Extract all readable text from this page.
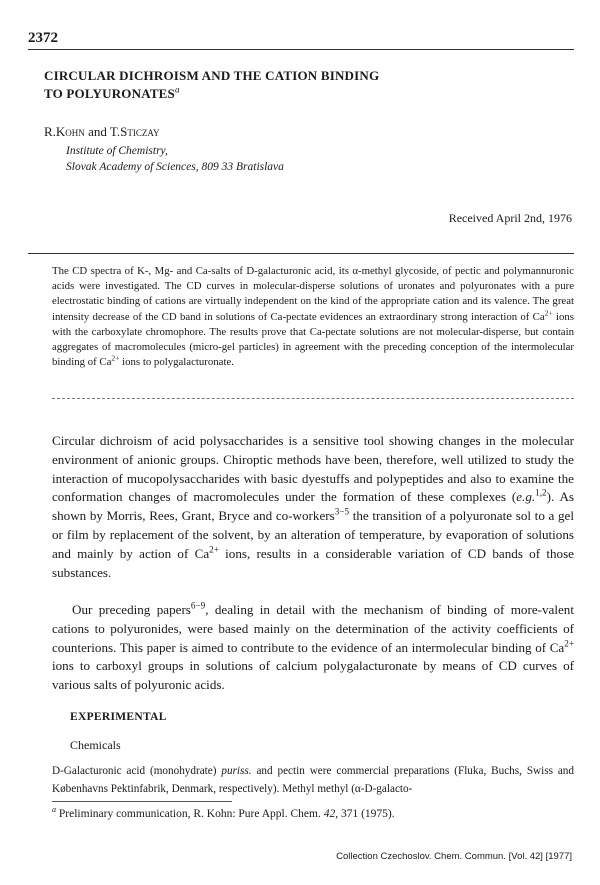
2372
CIRCULAR DICHROISM AND THE CATION BINDING
TO POLYURONATES$^a$
R.Kohn and T.Sticzay
Institute of Chemistry,
Slovak Academy of Sciences, 809 33 Bratislava
Received April 2nd, 1976

The CD spectra of K-, Mg- and Ca-salts of D-galacturonic acid, its α-methyl glycoside, of pectic and polymannuronic acids were investigated. The CD curves in molecular-disperse solutions of uronates and polyuronates with a pure electrostatic binding of cations are virtually independent on the kind of the appropriate cation and its valence. The great intensity decrease of the CD band in solutions of Ca-pectate evidences an extraordinary strong interaction of $Ca^{2+}$ ions with the carboxylate chromophore. The results prove that Ca-pectate solutions are not molecular-disperse, but contain aggregates of macromolecules (micro-gel particles) in agreement with the preceding conception of the intermolecular binding of $Ca^{2+}$ ions to polygalacturonate.

Circular dichroism of acid polysaccharides is a sensitive tool showing changes in the molecular environment of anionic groups. Chiroptic methods have been, therefore, well utilized to study the interaction of mucopolysaccharides with basic dyestuffs and polypeptides and also to examine the conformation changes of macromolecules under the formation of these complexes (e.g.$^{1,2}$). As shown by Morris, Rees, Grant, Bryce and co-workers$^{3-5}$ the transition of a polyuronate sol to a gel or film by replacement of the solvent, by an alteration of temperature, by evaporation of solutions and mainly by action of $Ca^{2+}$ ions, results in a considerable variation of CD bands of those substances.

Our preceding papers$^{6-9}$, dealing in detail with the mechanism of binding of more-valent cations to polyuronides, were based mainly on the determination of the activity coefficients of counterions. This paper is aimed to contribute to the evidence of an intermolecular binding of $Ca^{2+}$ ions to carboxyl groups in solutions of calcium polygalacturonate by means of CD curves of various salts of polyuronic acids.

EXPERIMENTAL
Chemicals

D-Galacturonic acid (monohydrate) puriss. and pectin were commercial preparations (Fluka, Buchs, Swiss and Københavns Pektinfabrik, Denmark, respectively). Methyl methyl (α-D-galacto-

$^a$ Preliminary communication, R. Kohn: Pure Appl. Chem. 42, 371 (1975).
Collection Czechoslov. Chem. Commun. [Vol. 42] [1977]
